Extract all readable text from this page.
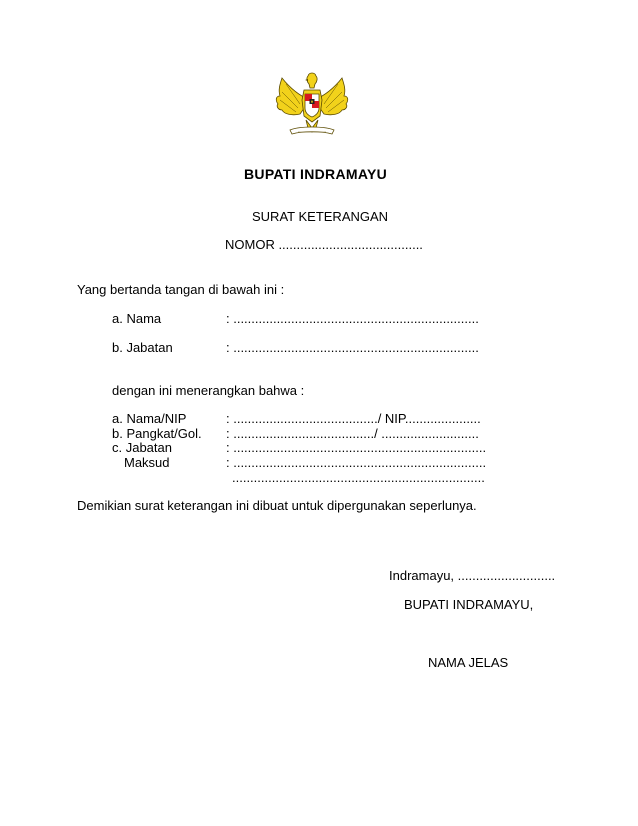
BUPATI INDRAMAYU
SURAT KETERANGAN
NOMOR ........................................
Yang bertanda tangan di bawah ini :
a. Nama	: ....................................................................
b. Jabatan	: ....................................................................
dengan ini menerangkan bahwa :
a. Nama/NIP	: ......................................../ NIP.....................
b. Pangkat/Gol. : ......................................./ ...........................
c. Jabatan	: ......................................................................
Maksud	: ......................................................................
......................................................................
Demikian surat keterangan ini dibuat untuk dipergunakan seperlunya.
Indramayu, ...........................
BUPATI INDRAMAYU,
NAMA JELAS
